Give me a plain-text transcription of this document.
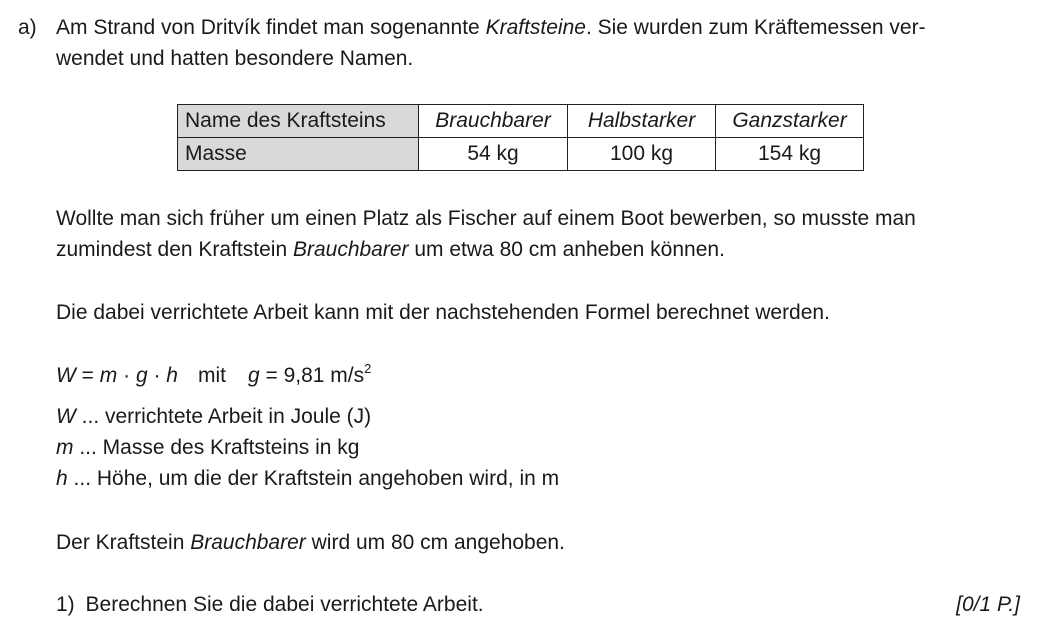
a) Am Strand von Dritvík findet man sogenannte Kraftsteine. Sie wurden zum Kräftemessen ver-
wendet und hatten besondere Namen.
Name des Kraftsteins	Brauchbarer	Halbstarker	Ganzstarker
Masse	54 kg	100 kg	154 kg
Wollte man sich früher um einen Platz als Fischer auf einem Boot bewerben, so musste man
zumindest den Kraftstein Brauchbarer um etwa 80 cm anheben können.
Die dabei verrichtete Arbeit kann mit der nachstehenden Formel berechnet werden.
W = m · g · h mit g = 9,81 $m/s^2$
W ... verrichtete Arbeit in Joule (J)
m ... Masse des Kraftsteins in kg
h ... Höhe, um die der Kraftstein angehoben wird, in m
Der Kraftstein Brauchbarer wird um 80 cm angehoben.
1) Berechnen Sie die dabei verrichtete Arbeit.	[0/1 P.]
